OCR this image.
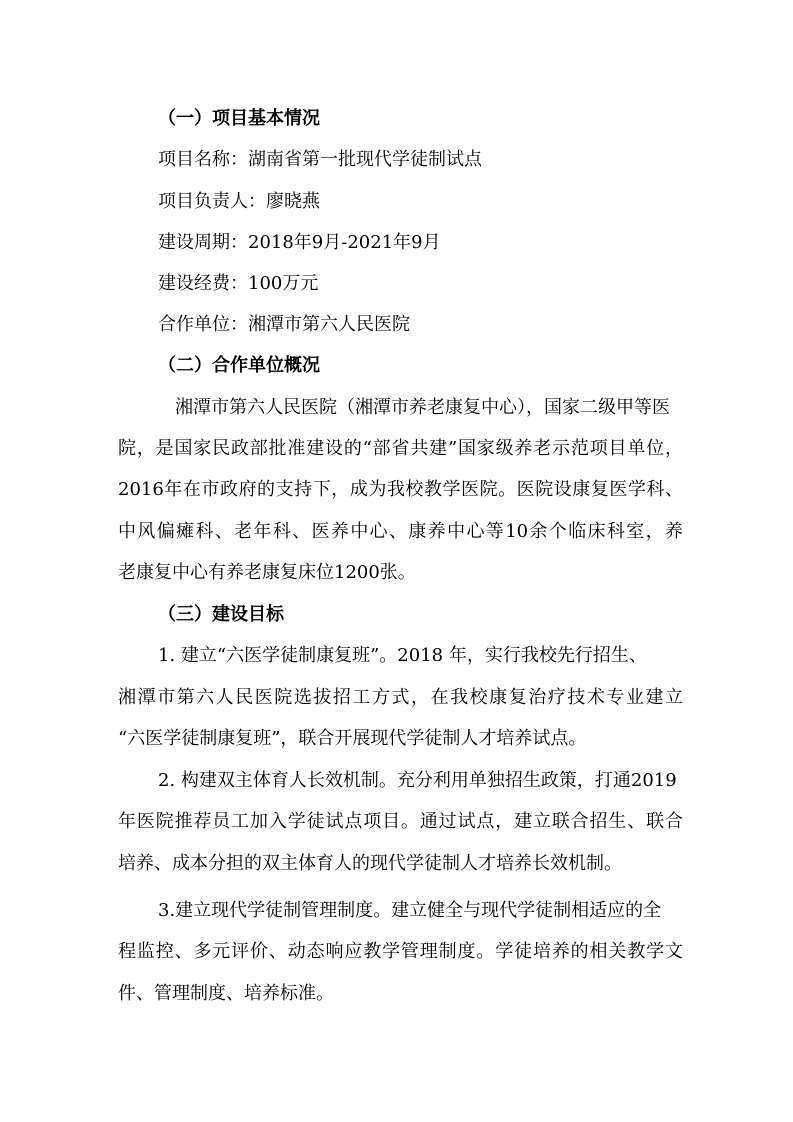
（一）项目基本情况
项目名称：湖南省第一批现代学徒制试点
项目负责人：廖晓燕
建设周期：2018年9月-2021年9月
建设经费：100万元
合作单位：湘潭市第六人民医院
（二）合作单位概况
湘潭市第六人民医院（湘潭市养老康复中心），国家二级甲等医
院，是国家民政部批准建设的“部省共建”国家级养老示范项目单位，
2016年在市政府的支持下，成为我校教学医院。医院设康复医学科、
中风偏瘫科、老年科、医养中心、康养中心等10余个临床科室，养
老康复中心有养老康复床位1200张。
（三）建设目标
1. 建立“六医学徒制康复班”。2018 年，实行我校先行招生、
湘潭市第六人民医院选拔招工方式，在我校康复治疗技术专业建立
“六医学徒制康复班”，联合开展现代学徒制人才培养试点。
2. 构建双主体育人长效机制。充分利用单独招生政策，打通2019
年医院推荐员工加入学徒试点项目。通过试点，建立联合招生、联合
培养、成本分担的双主体育人的现代学徒制人才培养长效机制。
3.建立现代学徒制管理制度。建立健全与现代学徒制相适应的全
程监控、多元评价、动态响应教学管理制度。学徒培养的相关教学文
件、管理制度、培养标准。
